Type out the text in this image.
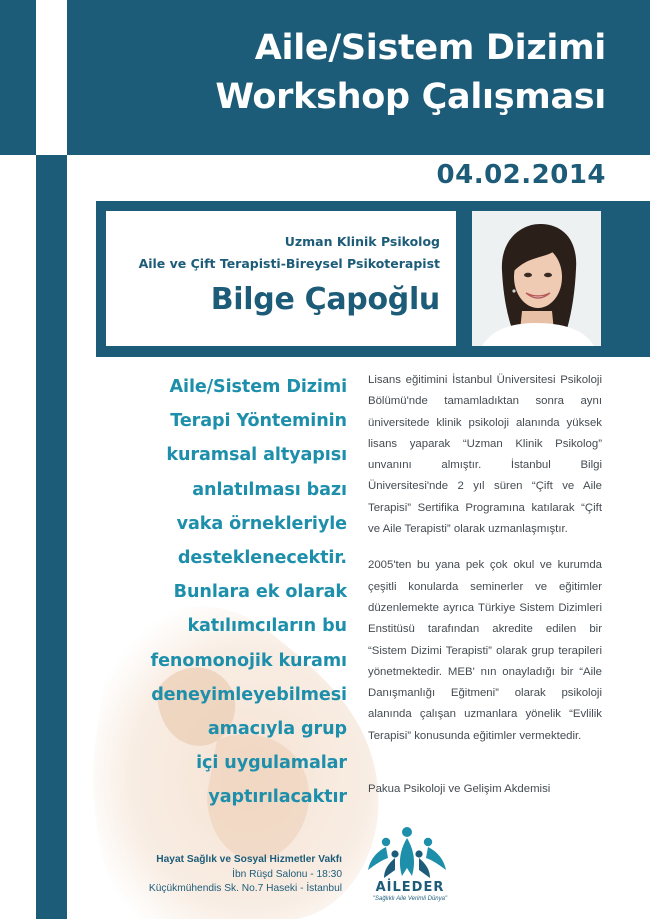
Aile/Sistem Dizimi
Workshop Çalışması
04.02.2014
Uzman Klinik Psikolog
Aile ve Çift Terapisti-Bireysel Psikoterapist
Bilge Çapoğlu
Aile/Sistem Dizimi
Terapi Yönteminin
kuramsal altyapısı
anlatılması bazı
vaka örnekleriyle
desteklenecektir.
Bunlara ek olarak
katılımcıların bu
fenomonojik kuramı
deneyimleyebilmesi
amacıyla grup
içi uygulamalar
yaptırılacaktır

Lisans eğitimini İstanbul Üniversitesi Psikoloji Bölümü'nde tamamladıktan sonra aynı üniversitede klinik psikoloji alanında yüksek lisans yaparak “Uzman Klinik Psikolog” unvanını almıştır. İstanbul Bilgi Üniversitesi'nde 2 yıl süren “Çift ve Aile Terapisi” Sertifika Programına katılarak “Çift ve Aile Terapisti” olarak uzmanlaşmıştır.

2005'ten bu yana pek çok okul ve kurumda çeşitli konularda seminerler ve eğitimler düzenlemekte ayrıca Türkiye Sistem Dizimleri Enstitüsü tarafından akredite edilen bir “Sistem Dizimi Terapisti” olarak grup terapileri yönetmektedir. MEB' nın onayladığı bir “Aile Danışmanlığı Eğitmeni” olarak psikoloji alanında çalışan uzmanlara yönelik “Evlilik Terapisi” konusunda eğitimler vermektedir.

Pakua Psikoloji ve Gelişim Akdemisi
Hayat Sağlık ve Sosyal Hizmetler Vakfı
İbn Rüşd Salonu - 18:30
Küçükmühendis Sk. No.7 Haseki - İstanbul	AİLEDER
"Sağlıklı Aile Verimli Dünya"
